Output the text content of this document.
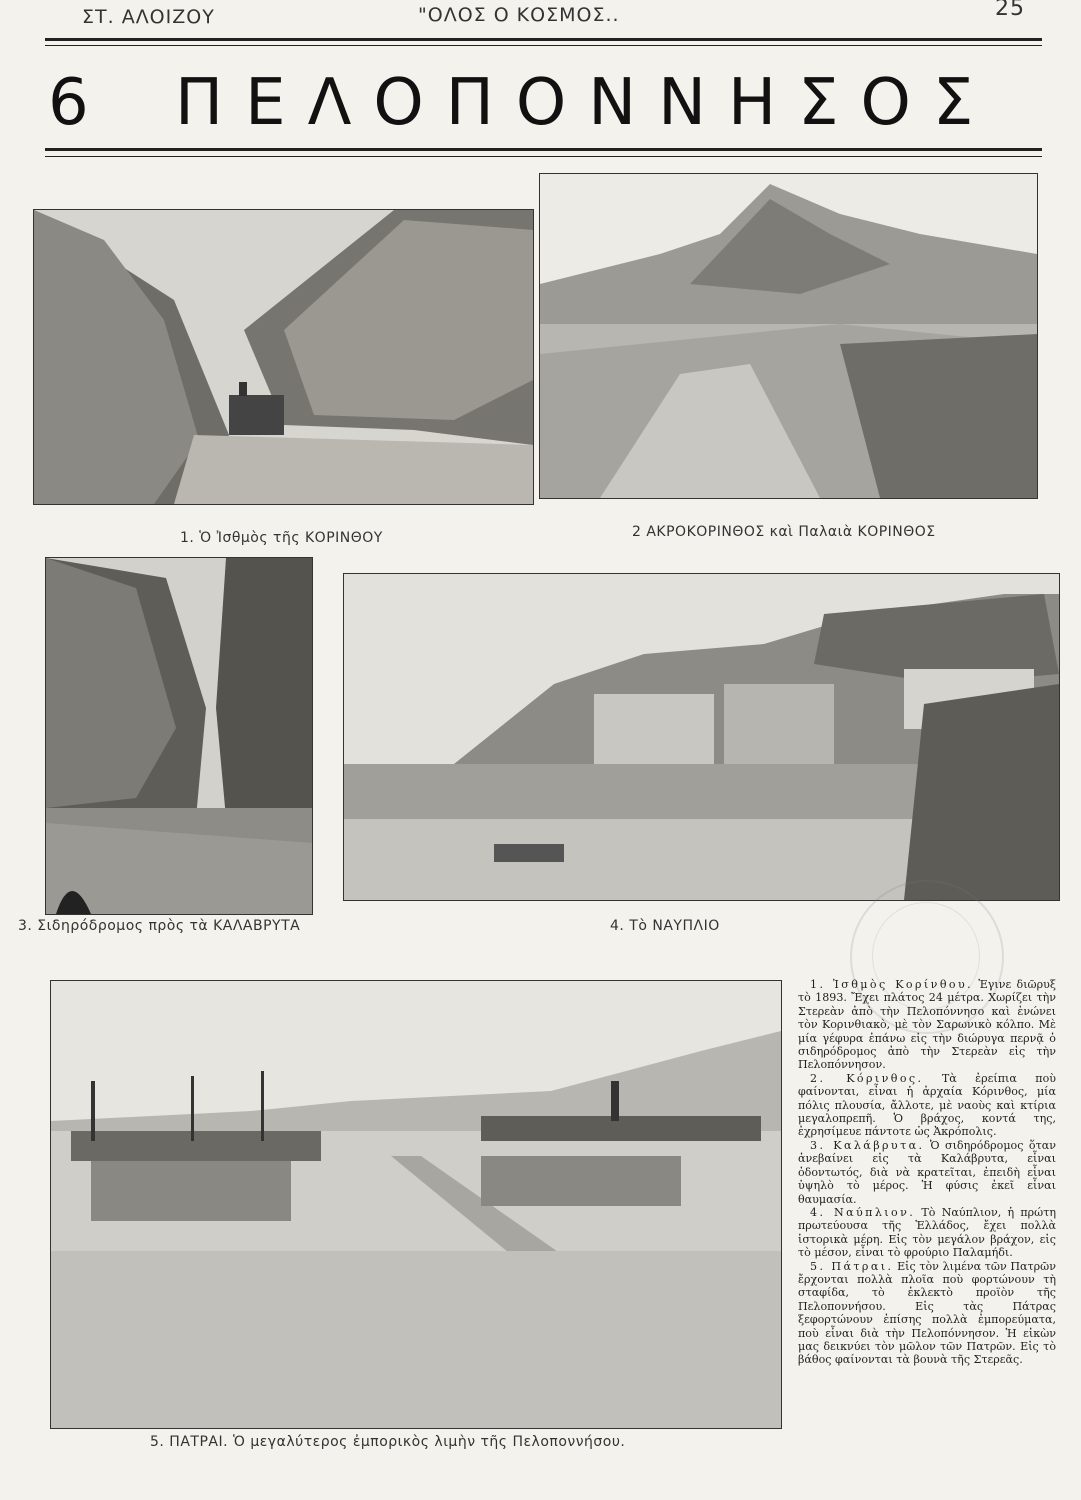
ΣΤ. ΑΛΟΙΖΟΥ	"ΟΛΟΣ Ο ΚΟΣΜΟΣ..	25
6 ΠΕΛΟΠΟΝΝΗΣΟΣ
1. Ὁ Ἰσθμὸς τῆς ΚΟΡΙΝΘΟΥ	2 ΑΚΡΟΚΟΡΙΝΘΟΣ καὶ Παλαιὰ ΚΟΡΙΝΘΟΣ
3. Σιδηρόδρομος πρὸς τὰ ΚΑΛΑΒΡΥΤΑ	4. Τὸ ΝΑΥΠΛΙΟ
5. ΠΑΤΡΑΙ. Ὁ μεγαλύτερος ἐμπορικὸς λιμὴν τῆς Πελοποννήσου.

1. Ἰσθμὸς Κορίνθου. Ἐγινε διῶρυξ τὸ 1893. Ἔχει πλάτος 24 μέτρα. Χωρίζει τὴν Στερεὰν ἀπὸ τὴν Πελοπόννησο καὶ ἑνώνει τὸν Κορινθιακὸ, μὲ τὸν Σαρωνικὸ κόλπο. Μὲ μία γέφυρα ἐπάνω εἰς τὴν διώρυγα περνᾷ ὁ σιδηρόδρομος ἀπὸ τὴν Στερεὰν εἰς τὴν Πελοπόννησον.

2. Κόρινθος. Τὰ ἐρείπια ποὺ φαίνονται, εἶναι ἡ ἀρχαία Κόρινθος, μία πόλις πλουσία, ἄλλοτε, μὲ ναοὺς καὶ κτίρια μεγαλοπρεπῆ. Ὁ βράχος, κοντά της, ἐχρησίμευε πάντοτε ὡς Ἀκρόπολις.

3. Καλάβρυτα. Ὁ σιδηρόδρομος ὅταν ἀνεβαίνει εἰς τὰ Καλάβρυτα, εἶναι ὀδοντωτός, διὰ νὰ κρατεῖται, ἐπειδὴ εἶναι ὑψηλὸ τὸ μέρος. Ἡ φύσις ἐκεῖ εἶναι θαυμασία.

4. Ναύπλιον. Τὸ Ναύπλιον, ἡ πρώτη πρωτεύουσα τῆς Ἑλλάδος, ἔχει πολλὰ ἱστορικὰ μέρη. Εἰς τὸν μεγάλον βράχον, εἰς τὸ μέσον, εἶναι τὸ φρούριο Παλαμήδι.

5. Πάτραι. Εἰς τὸν λιμένα τῶν Πατρῶν ἔρχονται πολλὰ πλοῖα ποὺ φορτώνουν τὴ σταφίδα, τὸ ἐκλεκτὸ προϊὸν τῆς Πελοποννήσου. Εἰς τὰς Πάτρας ξεφορτώνουν ἐπίσης πολλὰ ἐμπορεύματα, ποὺ εἶναι διὰ τὴν Πελοπόννησον. Ἡ εἰκὼν μας δεικνύει τὸν μῶλον τῶν Πατρῶν. Εἰς τὸ βάθος φαίνονται τὰ βουνὰ τῆς Στερεᾶς.
